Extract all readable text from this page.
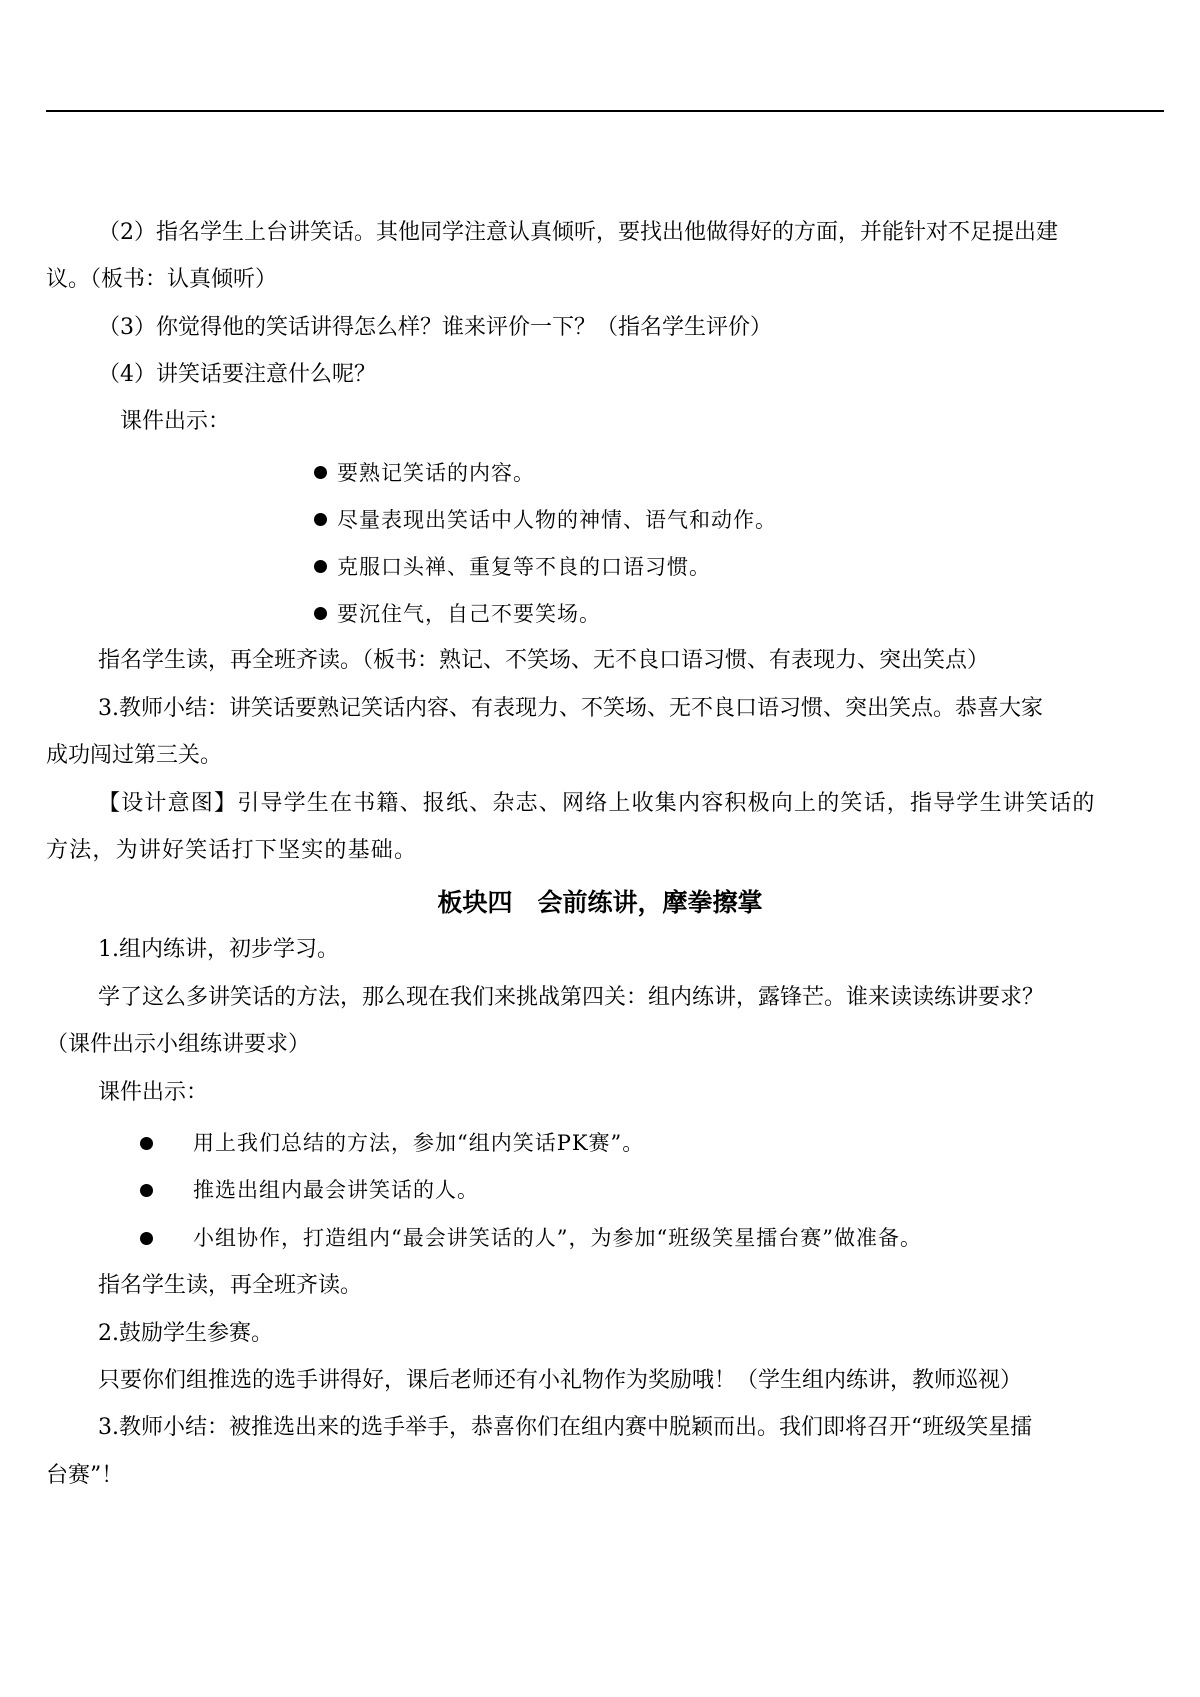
（2）指名学生上台讲笑话。其他同学注意认真倾听，要找出他做得好的方面，并能针对不足提出建
议。（板书：认真倾听）
（3）你觉得他的笑话讲得怎么样？谁来评价一下？（指名学生评价）
（4）讲笑话要注意什么呢？
课件出示：
要熟记笑话的内容。
尽量表现出笑话中人物的神情、语气和动作。
克服口头禅、重复等不良的口语习惯。
要沉住气，自己不要笑场。
指名学生读，再全班齐读。（板书：熟记、不笑场、无不良口语习惯、有表现力、突出笑点）
3.教师小结：讲笑话要熟记笑话内容、有表现力、不笑场、无不良口语习惯、突出笑点。恭喜大家
成功闯过第三关。
【设计意图】引导学生在书籍、报纸、杂志、网络上收集内容积极向上的笑话，指导学生讲笑话的
方法，为讲好笑话打下坚实的基础。
板块四　会前练讲，摩拳擦掌
1.组内练讲，初步学习。
学了这么多讲笑话的方法，那么现在我们来挑战第四关：组内练讲，露锋芒。谁来读读练讲要求？
（课件出示小组练讲要求）
课件出示：
用上我们总结的方法，参加“组内笑话PK赛”。
推选出组内最会讲笑话的人。
小组协作，打造组内“最会讲笑话的人”，为参加“班级笑星擂台赛”做准备。
指名学生读，再全班齐读。
2.鼓励学生参赛。
只要你们组推选的选手讲得好，课后老师还有小礼物作为奖励哦！（学生组内练讲，教师巡视）
3.教师小结：被推选出来的选手举手，恭喜你们在组内赛中脱颖而出。我们即将召开“班级笑星擂
台赛”！
